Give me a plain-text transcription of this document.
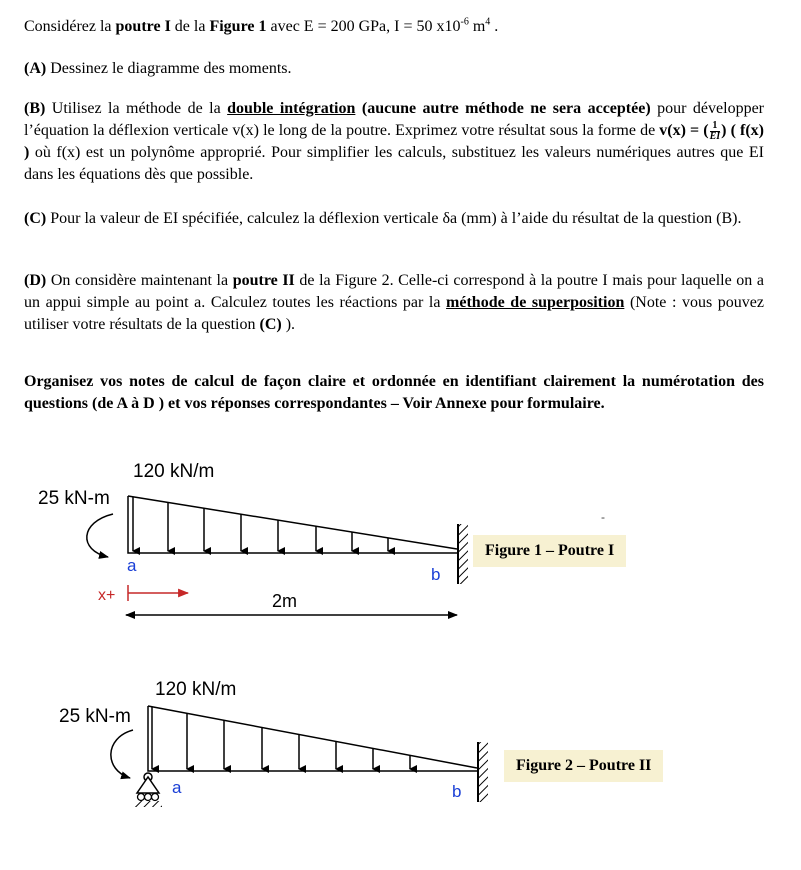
Considérez la poutre I de la Figure 1 avec E = 200 GPa, I = 50 $x10^{-6}$ $m^4$ .
(A) Dessinez le diagramme des moments.
(B) Utilisez la méthode de la double intégration (aucune autre méthode ne sera acceptée) pour développer l’équation la déflexion verticale v(x) le long de la poutre. Exprimez votre résultat sous la forme de v(x) = ( $\frac{1}{EI}$ ) ( f(x) ) où f(x) est un polynôme approprié. Pour simplifier les calculs, substituez les valeurs numériques autres que EI dans les équations dès que possible.
(C) Pour la valeur de EI spécifiée, calculez la déflexion verticale δa (mm) à l’aide du résultat de la question (B).
(D) On considère maintenant la poutre II de la Figure 2. Celle-ci correspond à la poutre I mais pour laquelle on a un appui simple au point a. Calculez toutes les réactions par la méthode de superposition (Note : vous pouvez utiliser votre résultats de la question (C) ).
Organisez vos notes de calcul de façon claire et ordonnée en identifiant clairement la numérotation des questions (de A à D ) et vos réponses correspondantes – Voir Annexe pour formulaire.
120 kN/m
25 kN-m
a	b
x+	2m
-
120 kN/m
25 kN-m
a	b
Figure 1 – Poutre I
Figure 2 – Poutre II
